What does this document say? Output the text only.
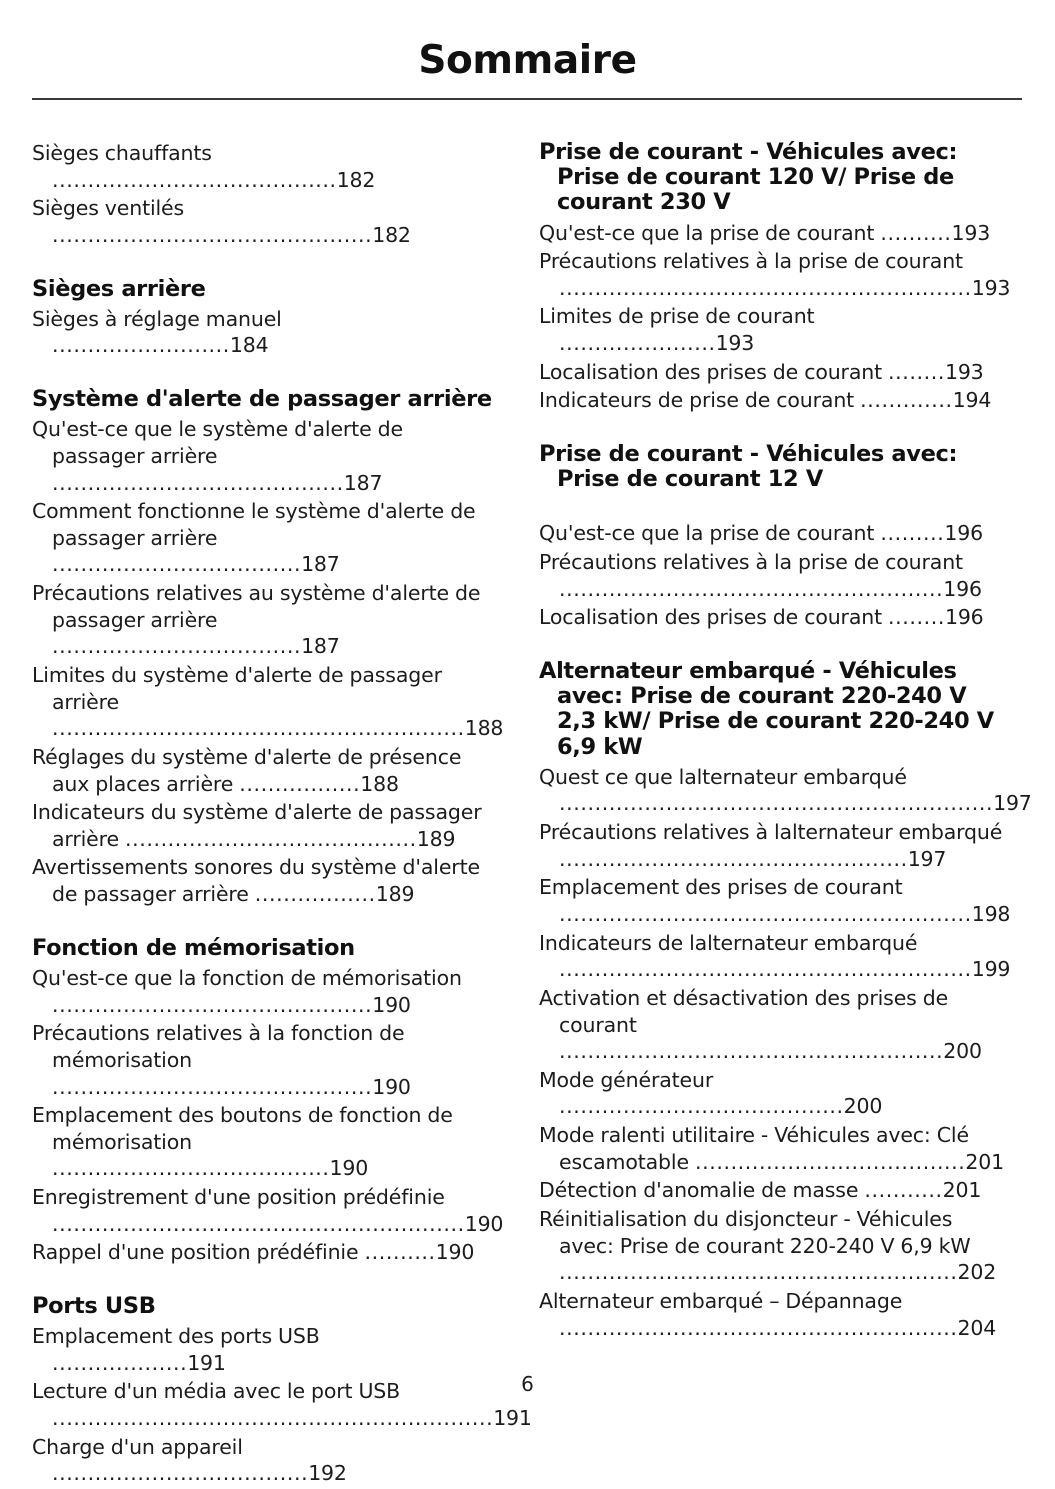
Sommaire
Sièges chauffants ........................................182
Sièges ventilés .............................................182
Sièges arrière
Sièges à réglage manuel .........................184
Système d'alerte de passager arrière
Qu'est-ce que le système d'alerte de passager arrière .........................................187
Comment fonctionne le système d'alerte de passager arrière ...................................187
Précautions relatives au système d'alerte de passager arrière ...................................187
Limites du système d'alerte de passager arrière ..........................................................188
Réglages du système d'alerte de présence aux places arrière .................188
Indicateurs du système d'alerte de passager arrière .........................................189
Avertissements sonores du système d'alerte de passager arrière .................189
Fonction de mémorisation
Qu'est-ce que la fonction de mémorisation .............................................190
Précautions relatives à la fonction de mémorisation .............................................190
Emplacement des boutons de fonction de mémorisation .......................................190
Enregistrement d'une position prédéfinie ..........................................................190
Rappel d'une position prédéfinie ..........190
Ports USB
Emplacement des ports USB ...................191
Lecture d'un média avec le port USB ..............................................................191
Charge d'un appareil ....................................192
Prise de courant - Véhicules avec: Prise de courant 120 V/ Prise de courant 230 V
Qu'est-ce que la prise de courant ..........193
Précautions relatives à la prise de courant ..........................................................193
Limites de prise de courant ......................193
Localisation des prises de courant ........193
Indicateurs de prise de courant .............194
Prise de courant - Véhicules avec: Prise de courant 12 V
Qu'est-ce que la prise de courant .........196
Précautions relatives à la prise de courant ......................................................196
Localisation des prises de courant ........196
Alternateur embarqué - Véhicules avec: Prise de courant 220-240 V 2,3 kW/ Prise de courant 220-240 V 6,9 kW
Quest ce que lalternateur embarqué .............................................................197
Précautions relatives à lalternateur embarqué .................................................197
Emplacement des prises de courant ..........................................................198
Indicateurs de lalternateur embarqué ..........................................................199
Activation et désactivation des prises de courant ......................................................200
Mode générateur ........................................200
Mode ralenti utilitaire - Véhicules avec: Clé escamotable ......................................201
Détection d'anomalie de masse ...........201
Réinitialisation du disjoncteur - Véhicules avec: Prise de courant 220-240 V 6,9 kW ........................................................202
Alternateur embarqué – Dépannage ........................................................204
6
